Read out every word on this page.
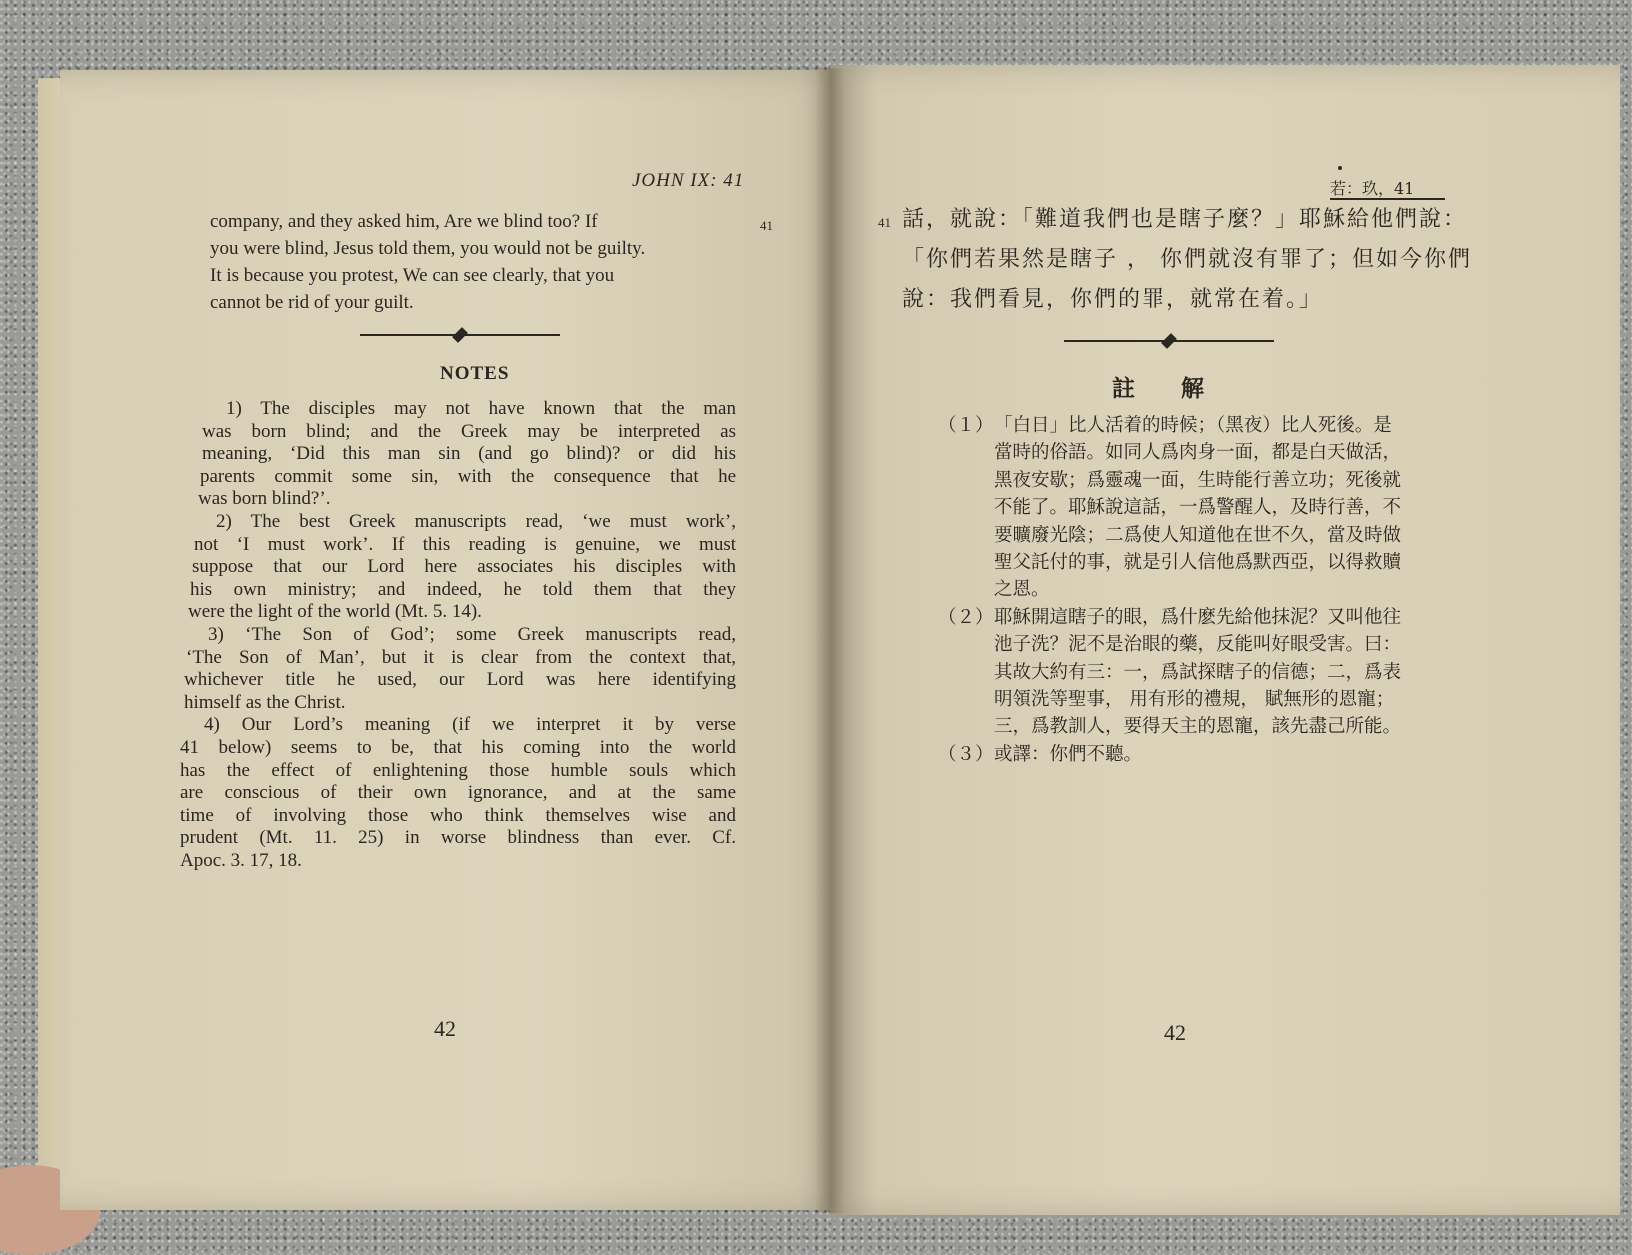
JOHN IX: 41
41
company, and they asked him, Are we blind too? If
you were blind, Jesus told them, you would not be guilty.
It is because you protest, We can see clearly, that you
cannot be rid of your guilt.
NOTES
1) The disciples may not have known that the man
was born blind; and the Greek may be interpreted as
meaning, ‘Did this man sin (and go blind)? or did his
parents commit some sin, with the consequence that he
was born blind?’.
2) The best Greek manuscripts read, ‘we must work’,
not ‘I must work’. If this reading is genuine, we must
suppose that our Lord here associates his disciples with
his own ministry; and indeed, he told them that they
were the light of the world (Mt. 5. 14).
3) ‘The Son of God’; some Greek manuscripts read,
‘The Son of Man’, but it is clear from the context that,
whichever title he used, our Lord was here identifying
himself as the Christ.
4) Our Lord’s meaning (if we interpret it by verse
41 below) seems to be, that his coming into the world
has the effect of enlightening those humble souls which
are conscious of their own ignorance, and at the same
time of involving those who think themselves wise and
prudent (Mt. 11. 25) in worse blindness than ever. Cf.
Apoc. 3. 17, 18.
42
若：玖，41
41 話，就說：「難道我們也是瞎子麼？」耶穌給他們說：
「你們若果然是瞎子 ， 你們就沒有罪了；但如今你們
說：我們看見，你們的罪，就常在着。」
註解
（１）「白日」比人活着的時候；（黑夜）比人死後。是
當時的俗語。如同人爲肉身一面，都是白天做活，
黑夜安歇；爲靈魂一面，生時能行善立功；死後就
不能了。耶穌說這話，一爲警醒人，及時行善，不
要曠廢光陰；二爲使人知道他在世不久，當及時做
聖父託付的事，就是引人信他爲默西亞，以得救贖
之恩。
（２）耶穌開這瞎子的眼，爲什麽先給他抹泥？又叫他往
池子洗？泥不是治眼的藥，反能叫好眼受害。曰：
其故大約有三：一，爲試探瞎子的信德；二，爲表
明領洗等聖事， 用有形的禮規， 賦無形的恩寵；
三，爲教訓人，要得天主的恩寵，該先盡己所能。
（３）或譯：你們不聽。
42
